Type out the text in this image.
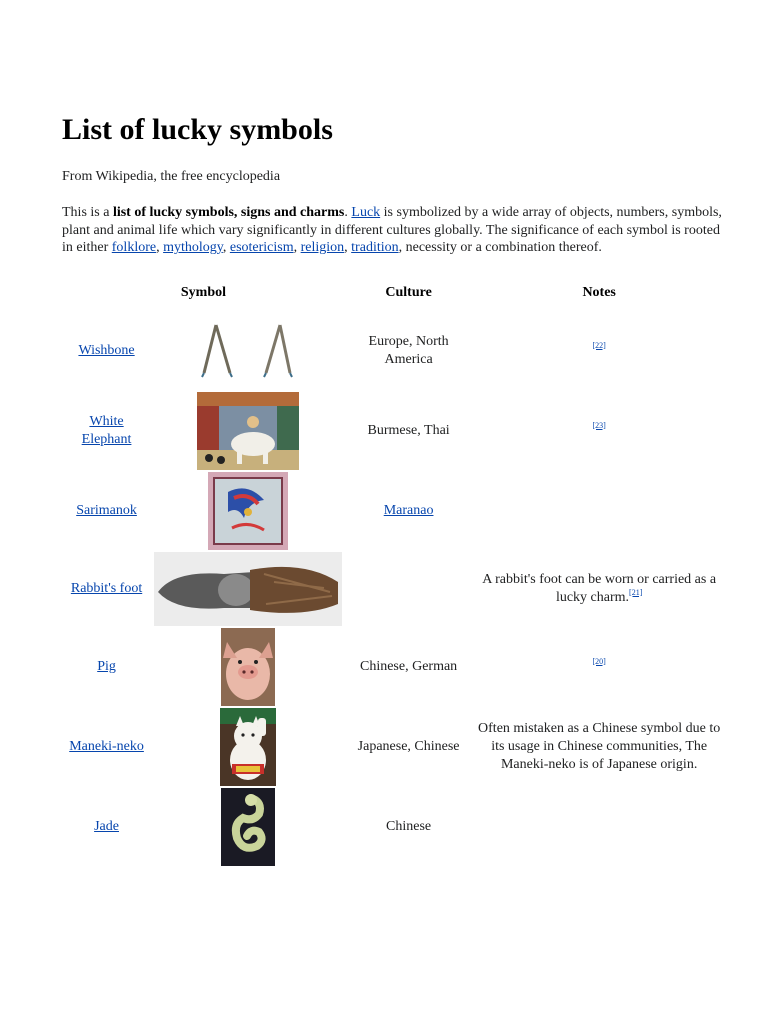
List of lucky symbols
From Wikipedia, the free encyclopedia

This is a list of lucky symbols, signs and charms. Luck is symbolized by a wide array of objects, numbers, symbols, plant and animal life which vary significantly in different cultures globally. The significance of each symbol is rooted in either folklore, mythology, esotericism, religion, tradition, necessity or a combination thereof.

Symbol		Culture	Notes
Wishbone		Europe, North America	[22]
White Elephant		Burmese, Thai	[23]
Sarimanok		Maranao	
Rabbit's foot			A rabbit's foot can be worn or carried as a lucky charm.[21]
Pig		Chinese, German	[20]
Maneki-neko		Japanese, Chinese	Often mistaken as a Chinese symbol due to its usage in Chinese communities, The Maneki-neko is of Japanese origin.
Jade		Chinese	
